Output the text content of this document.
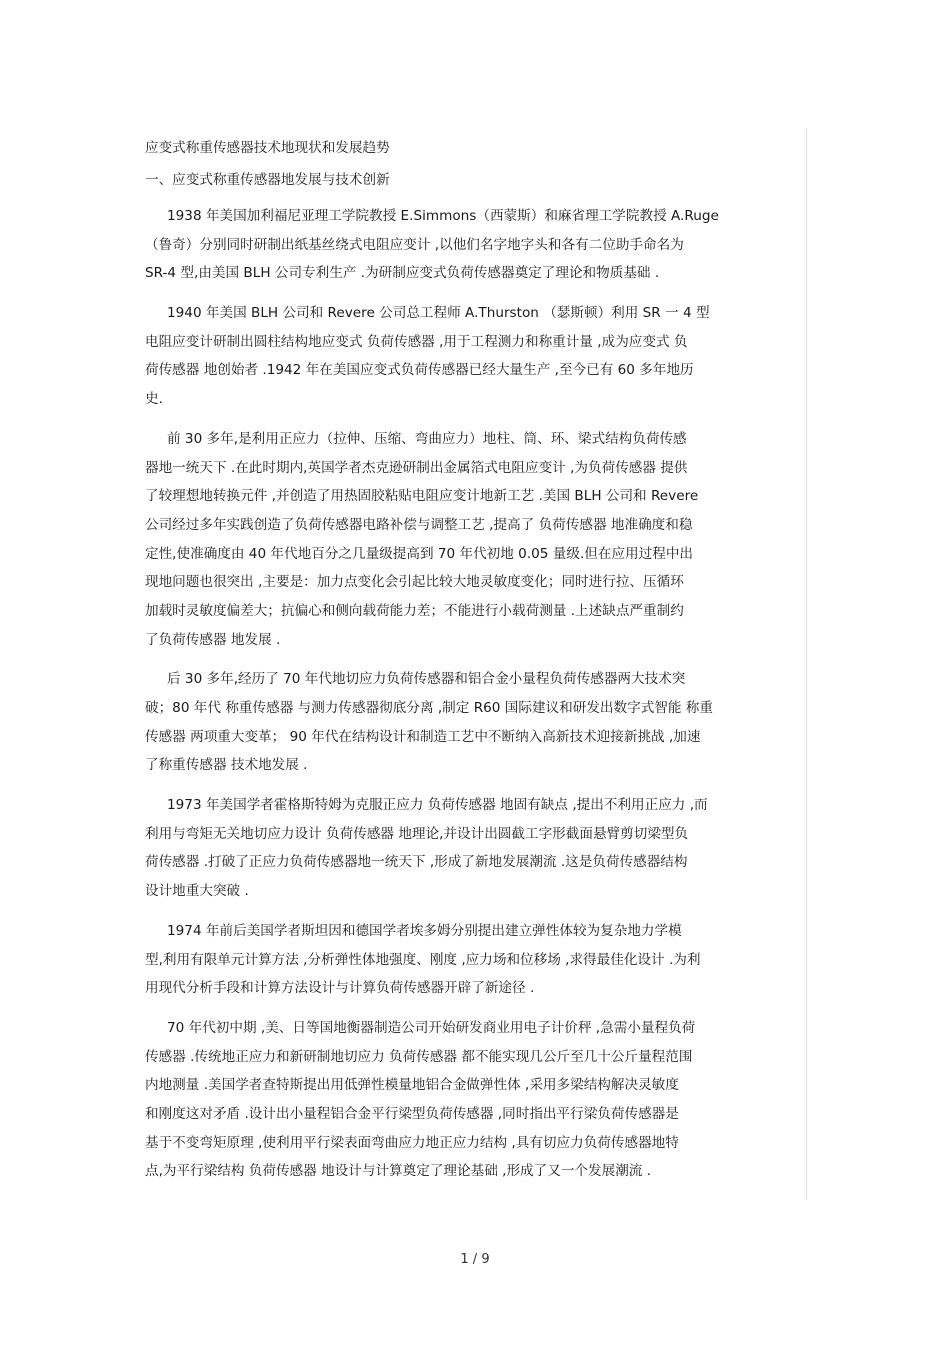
应变式称重传感器技术地现状和发展趋势
一、应变式称重传感器地发展与技术创新
1938 年美国加利福尼亚理工学院教授 E.Simmons（西蒙斯）和麻省理工学院教授 A.Ruge
（鲁奇）分别同时研制出纸基丝绕式电阻应变计 ,以他们名字地字头和各有二位助手命名为
SR-4 型,由美国 BLH 公司专利生产 .为研制应变式负荷传感器奠定了理论和物质基础 .
1940 年美国 BLH 公司和 Revere 公司总工程师 A.Thurston （瑟斯顿）利用 SR 一 4 型
电阻应变计研制出圆柱结构地应变式 负荷传感器 ,用于工程测力和称重计量 ,成为应变式 负
荷传感器 地创始者 .1942 年在美国应变式负荷传感器已经大量生产 ,至今已有 60 多年地历
史.
前 30 多年,是利用正应力（拉伸、压缩、弯曲应力）地柱、筒、环、梁式结构负荷传感
器地一统天下 .在此时期内,英国学者杰克逊研制出金属箔式电阻应变计 ,为负荷传感器 提供
了较理想地转换元件 ,并创造了用热固胶粘贴电阻应变计地新工艺 .美国 BLH 公司和 Revere
公司经过多年实践创造了负荷传感器电路补偿与调整工艺 ,提高了 负荷传感器 地准确度和稳
定性,使准确度由 40 年代地百分之几量级提高到 70 年代初地 0.05 量级.但在应用过程中出
现地问题也很突出 ,主要是：加力点变化会引起比较大地灵敏度变化；同时进行拉、压循环
加载时灵敏度偏差大；抗偏心和侧向载荷能力差；不能进行小载荷测量 .上述缺点严重制约
了负荷传感器 地发展 .
后 30 多年,经历了 70 年代地切应力负荷传感器和铝合金小量程负荷传感器两大技术突
破；80 年代 称重传感器 与测力传感器彻底分离 ,制定 R60 国际建议和研发出数字式智能 称重
传感器 两项重大变革； 90 年代在结构设计和制造工艺中不断纳入高新技术迎接新挑战 ,加速
了称重传感器 技术地发展 .
1973 年美国学者霍格斯特姆为克服正应力 负荷传感器 地固有缺点 ,提出不利用正应力 ,而
利用与弯矩无关地切应力设计 负荷传感器 地理论,并设计出圆截工字形截面悬臂剪切梁型负
荷传感器 .打破了正应力负荷传感器地一统天下 ,形成了新地发展潮流 .这是负荷传感器结构
设计地重大突破 .
1974 年前后美国学者斯坦因和德国学者埃多姆分别提出建立弹性体较为复杂地力学模
型,利用有限单元计算方法 ,分析弹性体地强度、刚度 ,应力场和位移场 ,求得最佳化设计 .为利
用现代分析手段和计算方法设计与计算负荷传感器开辟了新途径 .
70 年代初中期 ,美、日等国地衡器制造公司开始研发商业用电子计价秤 ,急需小量程负荷
传感器 .传统地正应力和新研制地切应力 负荷传感器 都不能实现几公斤至几十公斤量程范围
内地测量 .美国学者查特斯提出用低弹性模量地铝合金做弹性体 ,采用多梁结构解决灵敏度
和刚度这对矛盾 .设计出小量程铝合金平行梁型负荷传感器 ,同时指出平行梁负荷传感器是
基于不变弯矩原理 ,使利用平行梁表面弯曲应力地正应力结构 ,具有切应力负荷传感器地特
点,为平行梁结构 负荷传感器 地设计与计算奠定了理论基础 ,形成了又一个发展潮流 .
1 / 9
